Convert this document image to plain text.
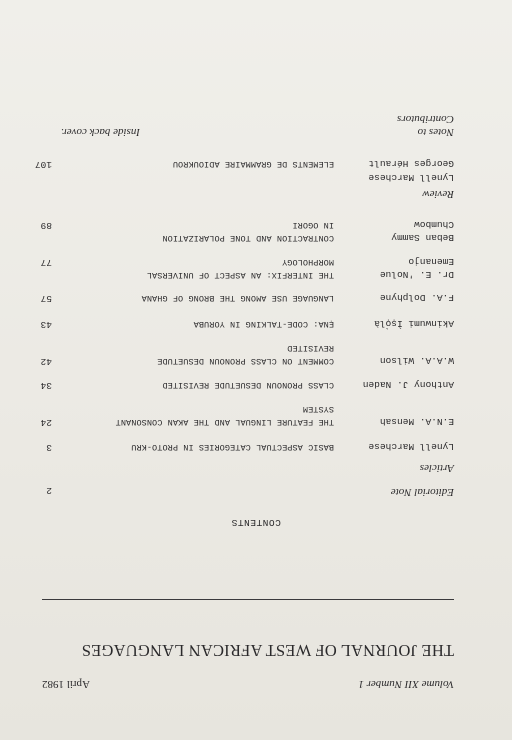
Volume XII Number 1
April 1982
THE JOURNAL OF WEST AFRICAN LANGUAGES
CONTENTS
Editorial Note
2
Articles
Lynell Marchese
BASIC ASPECTUAL CATEGORIES IN PROTO-KRU
3
E.N.A. Mensah
THE FEATURE LINGUAL AND THE AKAN CONSONANT
SYSTEM
24
Anthony J. Naden
CLASS PRONOUN DESUETUDE REVISITED
34
W.A.A. Wilson
COMMENT ON CLASS PRONOUN DESUETUDE
REVISITED
42
Akinwumi Ìṣọ̀là
ẸNA: CODE-TALKING IN YORUBA
43
F.A. Dolphyne
LANGUAGE USE AMONG THE BRONG OF GHANA
57
Dr. E. 'Nolue
Emenanjo
THE INTERFIX: AN ASPECT OF UNIVERSAL
MORPHOLOGY
77
Beban Sammy
Chumbow
CONTRACTION AND TONE POLARIZATION
IN OGORI
89
Review
Lynell Marchese
Georges Hérault
ELEMENTS DE GRAMMAIRE ADIOUKROU
107
Notes to
Contributors
Inside back cover.
